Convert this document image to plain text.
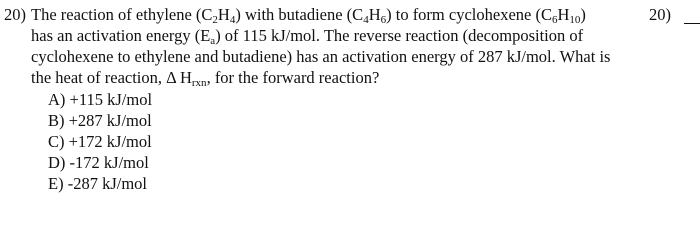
20) The reaction of ethylene $(C_2H_4)$ with butadiene $(C_4H_6)$ to form cyclohexene $(C_6H_{10})$
has an activation energy $(E_a)$ of 115 kJ/mol. The reverse reaction (decomposition of
cyclohexene to ethylene and butadiene) has an activation energy of 287 kJ/mol. What is
the heat of reaction, Δ $H_{rxn}$, for the forward reaction?
A) +115 kJ/mol
B) +287 kJ/mol
C) +172 kJ/mol
D) -172 kJ/mol
E) -287 kJ/mol
20)
